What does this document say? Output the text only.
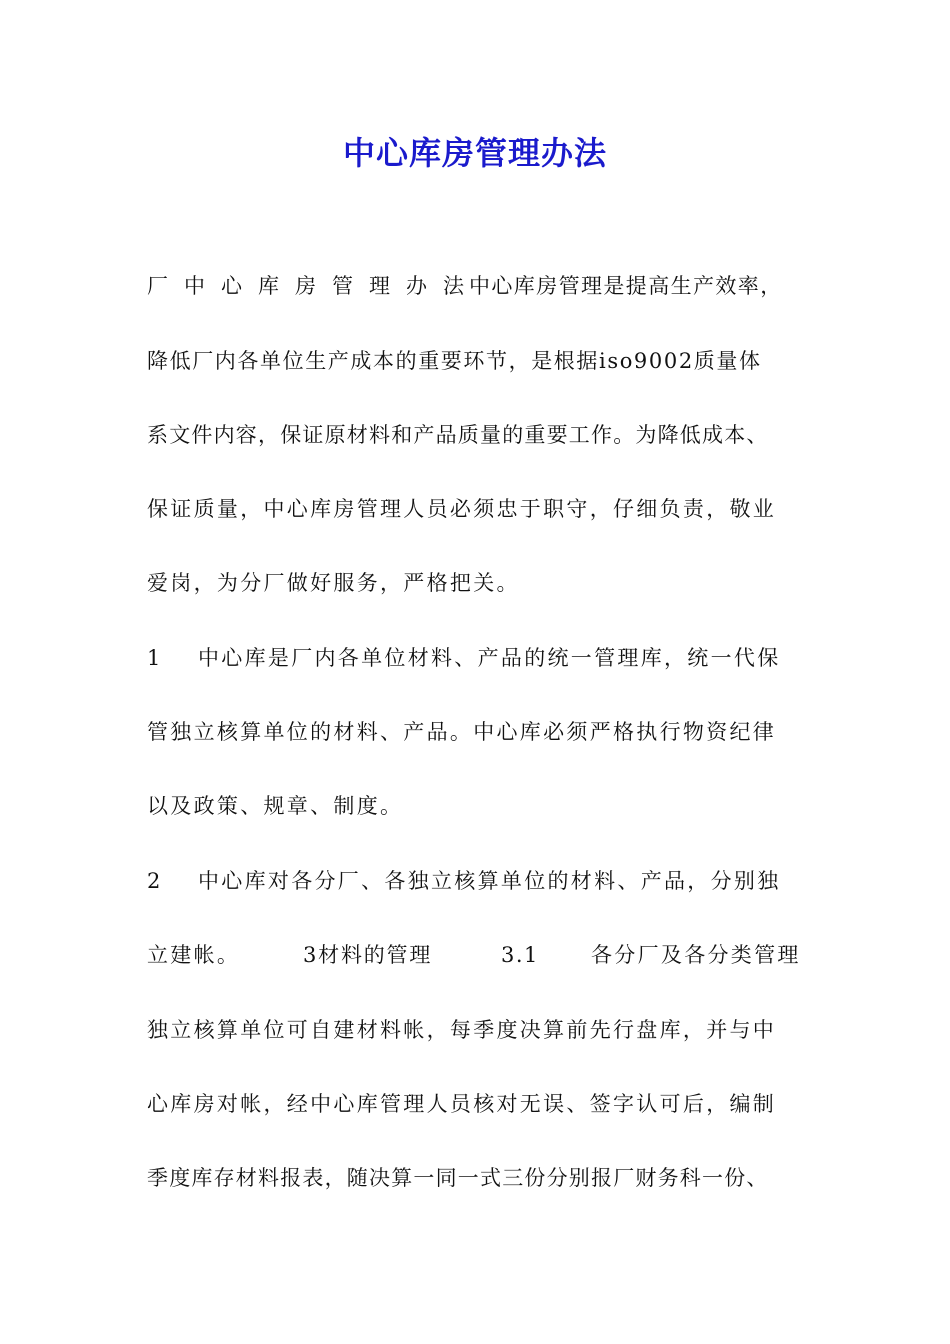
中心库房管理办法
厂 中 心 库 房 管 理 办 法 中心库房管理是提高生产效率，
降低厂内各单位生产成本的重要环节，是根据iso9002质量体
系文件内容，保证原材料和产品质量的重要工作。为降低成本、
保证质量，中心库房管理人员必须忠于职守，仔细负责，敬业
爱岗，为分厂做好服务，严格把关。
1 中心库是厂内各单位材料、产品的统一管理库，统一代保
管独立核算单位的材料、产品。中心库必须严格执行物资纪律
以及政策、规章、制度。
2 中心库对各分厂、各独立核算单位的材料、产品，分别独
立建帐。	3材料的管理	3.1 各分厂及各分类管理
独立核算单位可自建材料帐，每季度决算前先行盘库，并与中
心库房对帐，经中心库管理人员核对无误、签字认可后，编制
季度库存材料报表，随决算一同一式三份分别报厂财务科一份、
